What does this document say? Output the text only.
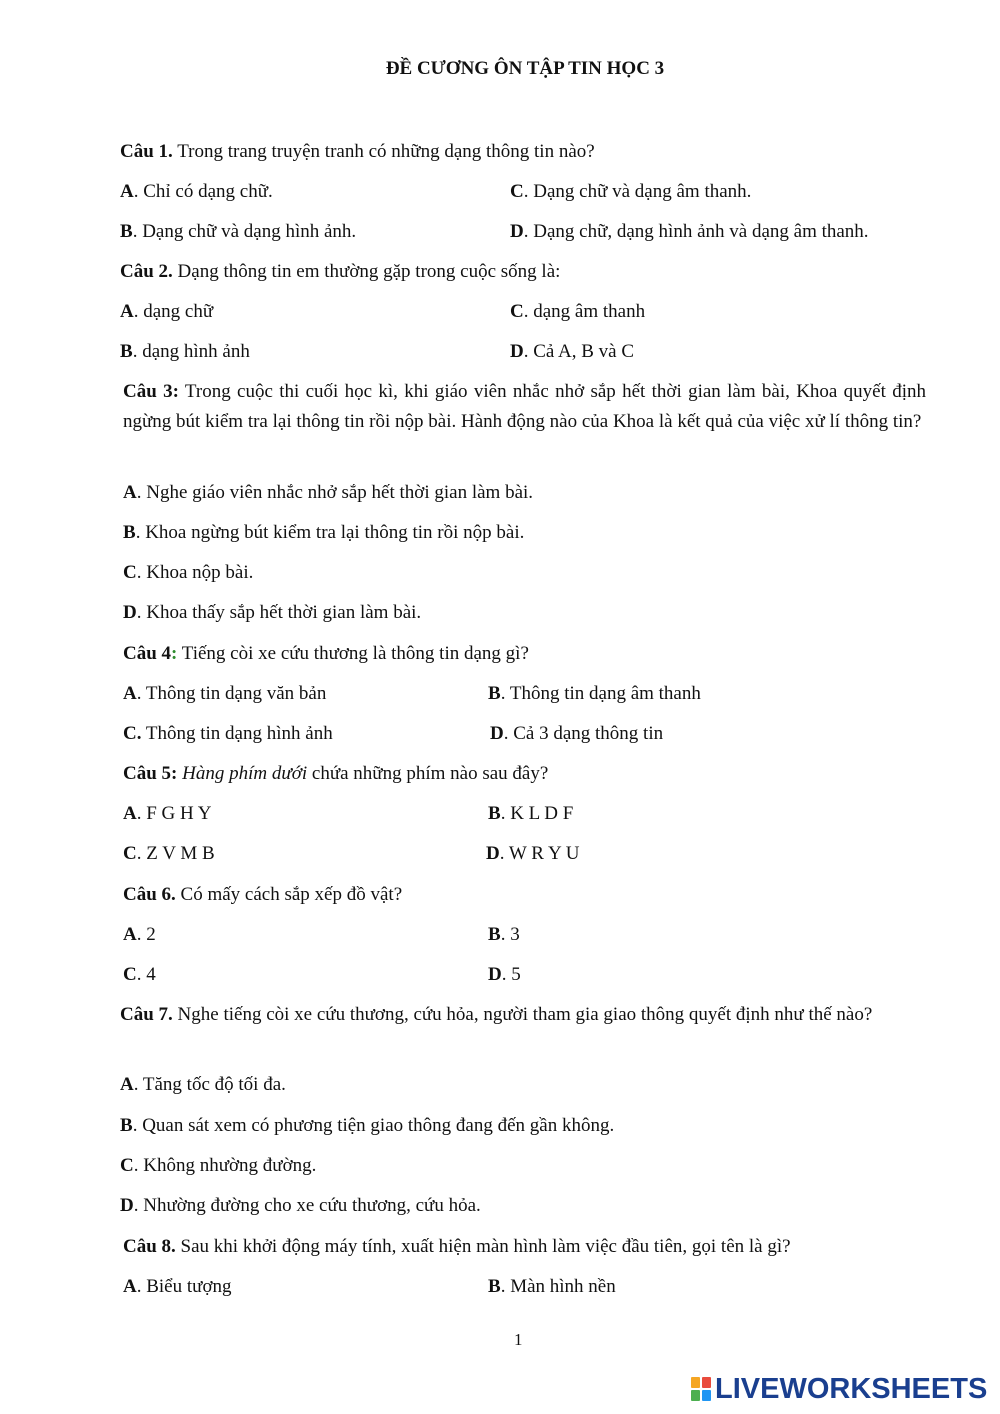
ĐỀ CƯƠNG ÔN TẬP TIN HỌC 3
Câu 1. Trong trang truyện tranh có những dạng thông tin nào?
A. Chỉ có dạng chữ.	C. Dạng chữ và dạng âm thanh.
B. Dạng chữ và dạng hình ảnh.	D. Dạng chữ, dạng hình ảnh và dạng âm thanh.
Câu 2. Dạng thông tin em thường gặp trong cuộc sống là:
A. dạng chữ	C. dạng âm thanh
B. dạng hình ảnh	D. Cả A, B và C
Câu 3: Trong cuộc thi cuối học kì, khi giáo viên nhắc nhở sắp hết thời gian làm bài, Khoa quyết định ngừng bút kiểm tra lại thông tin rồi nộp bài. Hành động nào của Khoa là kết quả của việc xử lí thông tin?
A. Nghe giáo viên nhắc nhở sắp hết thời gian làm bài.
B. Khoa ngừng bút kiểm tra lại thông tin rồi nộp bài.
C. Khoa nộp bài.
D. Khoa thấy sắp hết thời gian làm bài.
Câu 4: Tiếng còi xe cứu thương là thông tin dạng gì?
A. Thông tin dạng văn bản	B. Thông tin dạng âm thanh
C. Thông tin dạng hình ảnh	D. Cả 3 dạng thông tin
Câu 5: Hàng phím dưới chứa những phím nào sau đây?
A. F G H Y	B. K L D F
C. Z V M B	D. W R Y U
Câu 6. Có mấy cách sắp xếp đồ vật?
A. 2	B. 3
C. 4	D. 5
Câu 7. Nghe tiếng còi xe cứu thương, cứu hỏa, người tham gia giao thông quyết định như thế nào?
A. Tăng tốc độ tối đa.
B. Quan sát xem có phương tiện giao thông đang đến gần không.
C. Không nhường đường.
D. Nhường đường cho xe cứu thương, cứu hỏa.
Câu 8. Sau khi khởi động máy tính, xuất hiện màn hình làm việc đầu tiên, gọi tên là gì?
A. Biểu tượng	B. Màn hình nền
1
LIVEWORKSHEETS
